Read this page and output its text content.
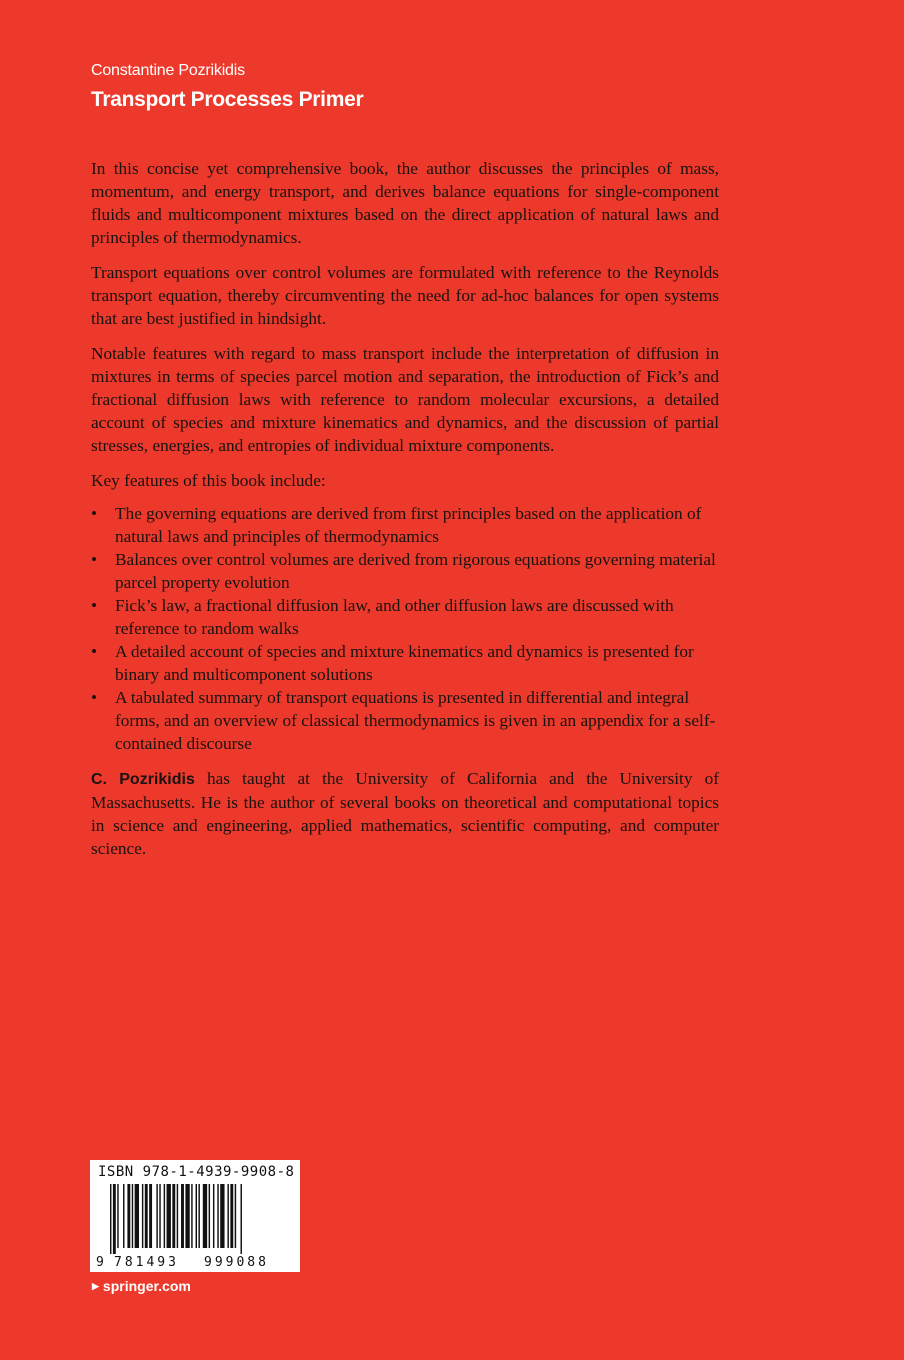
Constantine Pozrikidis
Transport Processes Primer

In this concise yet comprehensive book, the author discusses the principles of mass, momentum, and energy transport, and derives balance equations for single-component fluids and multicomponent mixtures based on the direct application of natural laws and principles of thermodynamics.

Transport equations over control volumes are formulated with reference to the Reynolds transport equation, thereby circumventing the need for ad-hoc balances for open systems that are best justified in hindsight.

Notable features with regard to mass transport include the interpretation of diffusion in mixtures in terms of species parcel motion and separation, the introduction of Fick’s and fractional diffusion laws with reference to random molecular excursions, a detailed account of species and mixture kinematics and dynamics, and the discussion of partial stresses, energies, and entropies of individual mixture components.

Key features of this book include:

•	The governing equations are derived from first principles based on the application of natural laws and principles of thermodynamics
•	Balances over control volumes are derived from rigorous equations governing material parcel property evolution
•	Fick’s law, a fractional diffusion law, and other diffusion laws are discussed with reference to random walks
•	A detailed account of species and mixture kinematics and dynamics is presented for binary and multicomponent solutions
•	A tabulated summary of transport equations is presented in differential and integral forms, and an overview of classical thermodynamics is given in an appendix for a self-contained discourse

C. Pozrikidis has taught at the University of California and the University of Massachusetts. He is the author of several books on theoretical and computational topics in science and engineering, applied mathematics, scientific computing, and computer science.

ISBN 978-1-4939-9908-8
9 781493 999088
▶ springer.com
